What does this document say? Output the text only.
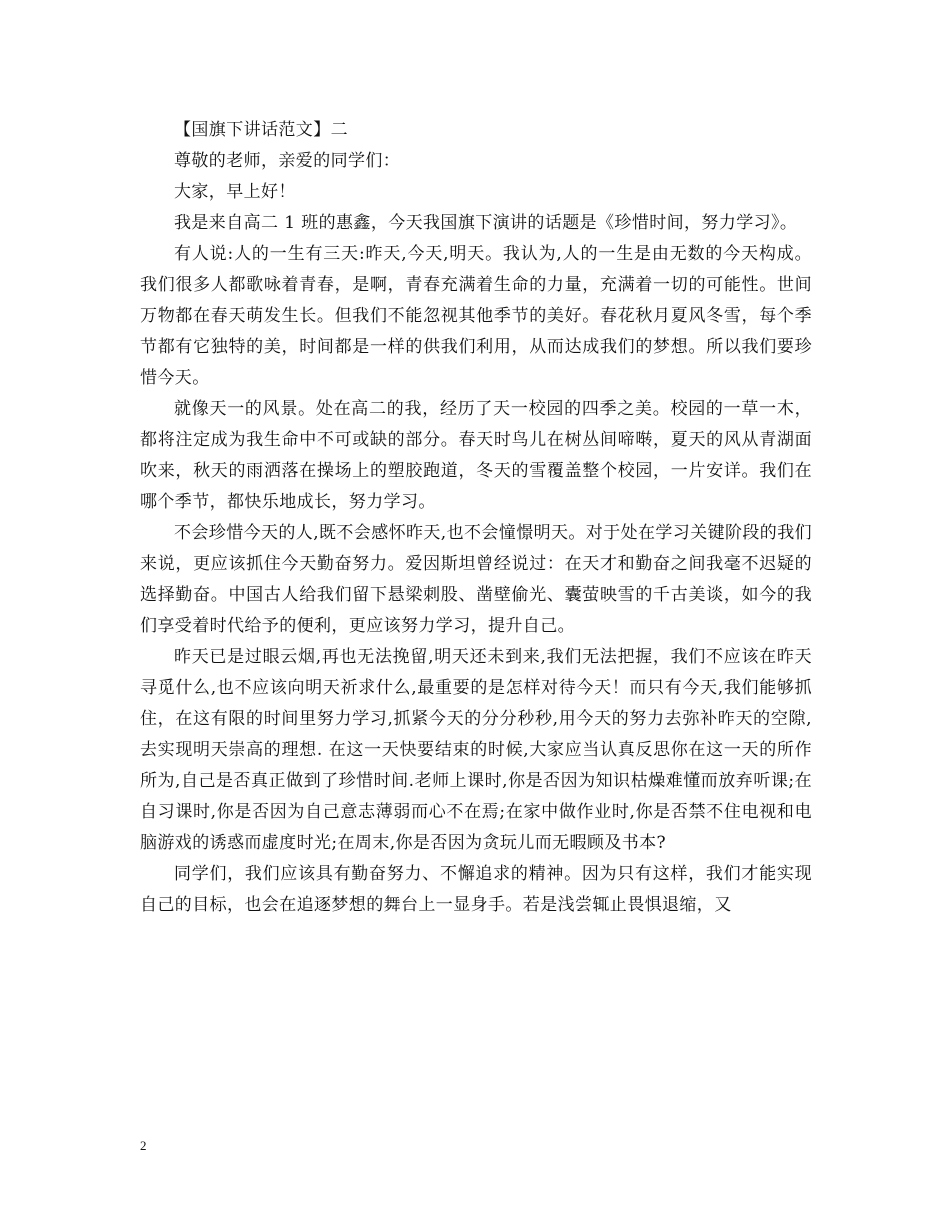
【国旗下讲话范文】二

尊敬的老师，亲爱的同学们：

大家，早上好！

我是来自高二 1 班的惠鑫，今天我国旗下演讲的话题是《珍惜时间，努力学习》。

有人说:人的一生有三天:昨天,今天,明天。我认为,人的一生是由无数的今天构成。我们很多人都歌咏着青春，是啊，青春充满着生命的力量，充满着一切的可能性。世间万物都在春天萌发生长。但我们不能忽视其他季节的美好。春花秋月夏风冬雪，每个季节都有它独特的美，时间都是一样的供我们利用，从而达成我们的梦想。所以我们要珍惜今天。

就像天一的风景。处在高二的我，经历了天一校园的四季之美。校园的一草一木，都将注定成为我生命中不可或缺的部分。春天时鸟儿在树丛间啼啭，夏天的风从青湖面吹来，秋天的雨洒落在操场上的塑胶跑道，冬天的雪覆盖整个校园，一片安详。我们在哪个季节，都快乐地成长，努力学习。

不会珍惜今天的人,既不会感怀昨天,也不会憧憬明天。对于处在学习关键阶段的我们来说，更应该抓住今天勤奋努力。爱因斯坦曾经说过：在天才和勤奋之间我毫不迟疑的选择勤奋。中国古人给我们留下悬梁刺股、凿壁偷光、囊萤映雪的千古美谈，如今的我们享受着时代给予的便利，更应该努力学习，提升自己。

昨天已是过眼云烟,再也无法挽留,明天还未到来,我们无法把握，我们不应该在昨天寻觅什么,也不应该向明天祈求什么,最重要的是怎样对待今天！而只有今天,我们能够抓住，在这有限的时间里努力学习,抓紧今天的分分秒秒,用今天的努力去弥补昨天的空隙,去实现明天崇高的理想. 在这一天快要结束的时候,大家应当认真反思你在这一天的所作所为,自己是否真正做到了珍惜时间.老师上课时,你是否因为知识枯燥难懂而放弃听课;在自习课时,你是否因为自己意志薄弱而心不在焉;在家中做作业时,你是否禁不住电视和电脑游戏的诱惑而虚度时光;在周末,你是否因为贪玩儿而无暇顾及书本?

同学们，我们应该具有勤奋努力、不懈追求的精神。因为只有这样，我们才能实现自己的目标，也会在追逐梦想的舞台上一显身手。若是浅尝辄止畏惧退缩，又

2
